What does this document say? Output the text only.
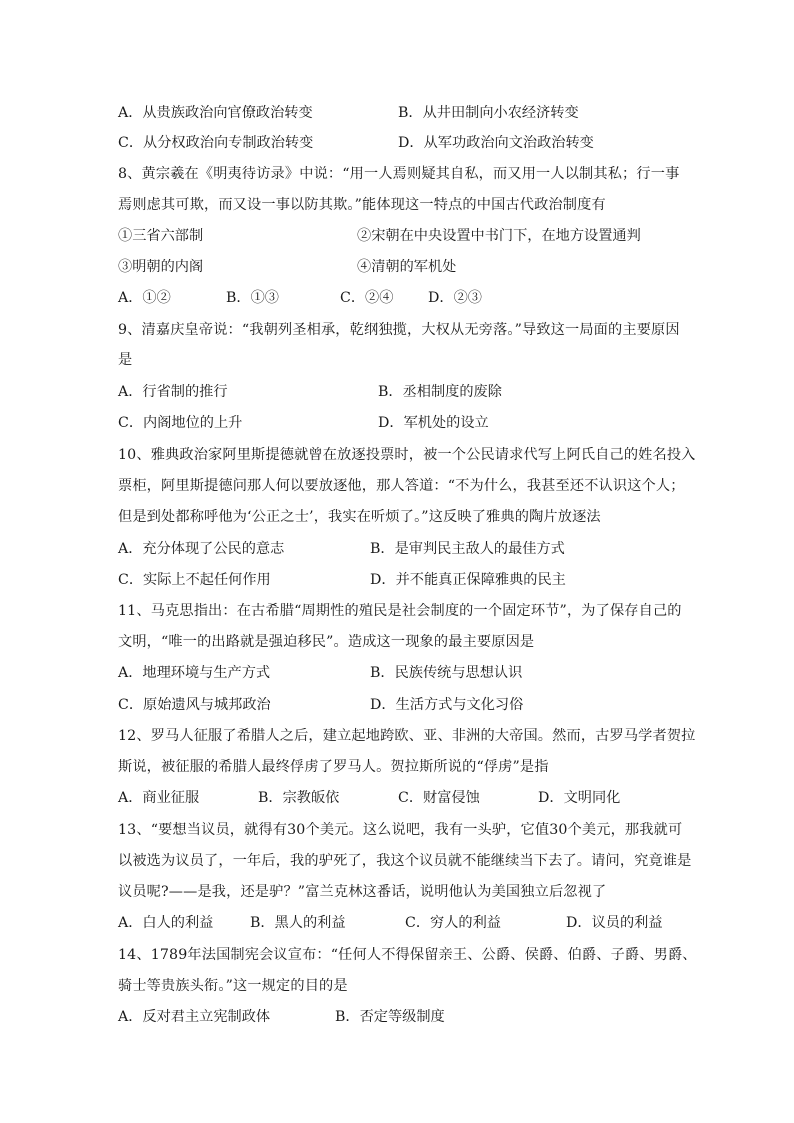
A．从贵族政治向官僚政治转变	B．从井田制向小农经济转变
C．从分权政治向专制政治转变	D．从军功政治向文治政治转变
8、黄宗羲在《明夷待访录》中说：“用一人焉则疑其自私，而又用一人以制其私；行一事
焉则虑其可欺，而又设一事以防其欺。”能体现这一特点的中国古代政治制度有
①三省六部制	②宋朝在中央设置中书门下，在地方设置通判
③明朝的内阁	④清朝的军机处
A．①②	B．①③	C．②④ D．②③
9、清嘉庆皇帝说：“我朝列圣相承，乾纲独揽，大权从无旁落。”导致这一局面的主要原因
是
A．行省制的推行	B．丞相制度的废除
C．内阁地位的上升	D．军机处的设立
10、雅典政治家阿里斯提德就曾在放逐投票时，被一个公民请求代写上阿氏自己的姓名投入
票柜，阿里斯提德问那人何以要放逐他，那人答道：“不为什么，我甚至还不认识这个人；
但是到处都称呼他为‘公正之士’，我实在听烦了。”这反映了雅典的陶片放逐法
A．充分体现了公民的意志	B．是审判民主敌人的最佳方式
C．实际上不起任何作用	D．并不能真正保障雅典的民主
11、马克思指出：在古希腊“周期性的殖民是社会制度的一个固定环节”，为了保存自己的
文明，“唯一的出路就是强迫移民”。造成这一现象的最主要原因是
A．地理环境与生产方式	B．民族传统与思想认识
C．原始遗风与城邦政治	D．生活方式与文化习俗
12、罗马人征服了希腊人之后，建立起地跨欧、亚、非洲的大帝国。然而，古罗马学者贺拉
斯说，被征服的希腊人最终俘虏了罗马人。贺拉斯所说的“俘虏”是指
A．商业征服	B．宗教皈依	C．财富侵蚀	D．文明同化
13、“要想当议员，就得有30个美元。这么说吧，我有一头驴，它值30个美元，那我就可
以被选为议员了，一年后，我的驴死了，我这个议员就不能继续当下去了。请问，究竟谁是
议员呢?——是我，还是驴？”富兰克林这番话，说明他认为美国独立后忽视了
A．白人的利益	B．黑人的利益	C．穷人的利益	D．议员的利益
14、1789年法国制宪会议宣布：“任何人不得保留亲王、公爵、侯爵、伯爵、子爵、男爵、
骑士等贵族头衔。”这一规定的目的是
A．反对君主立宪制政体	B．否定等级制度
